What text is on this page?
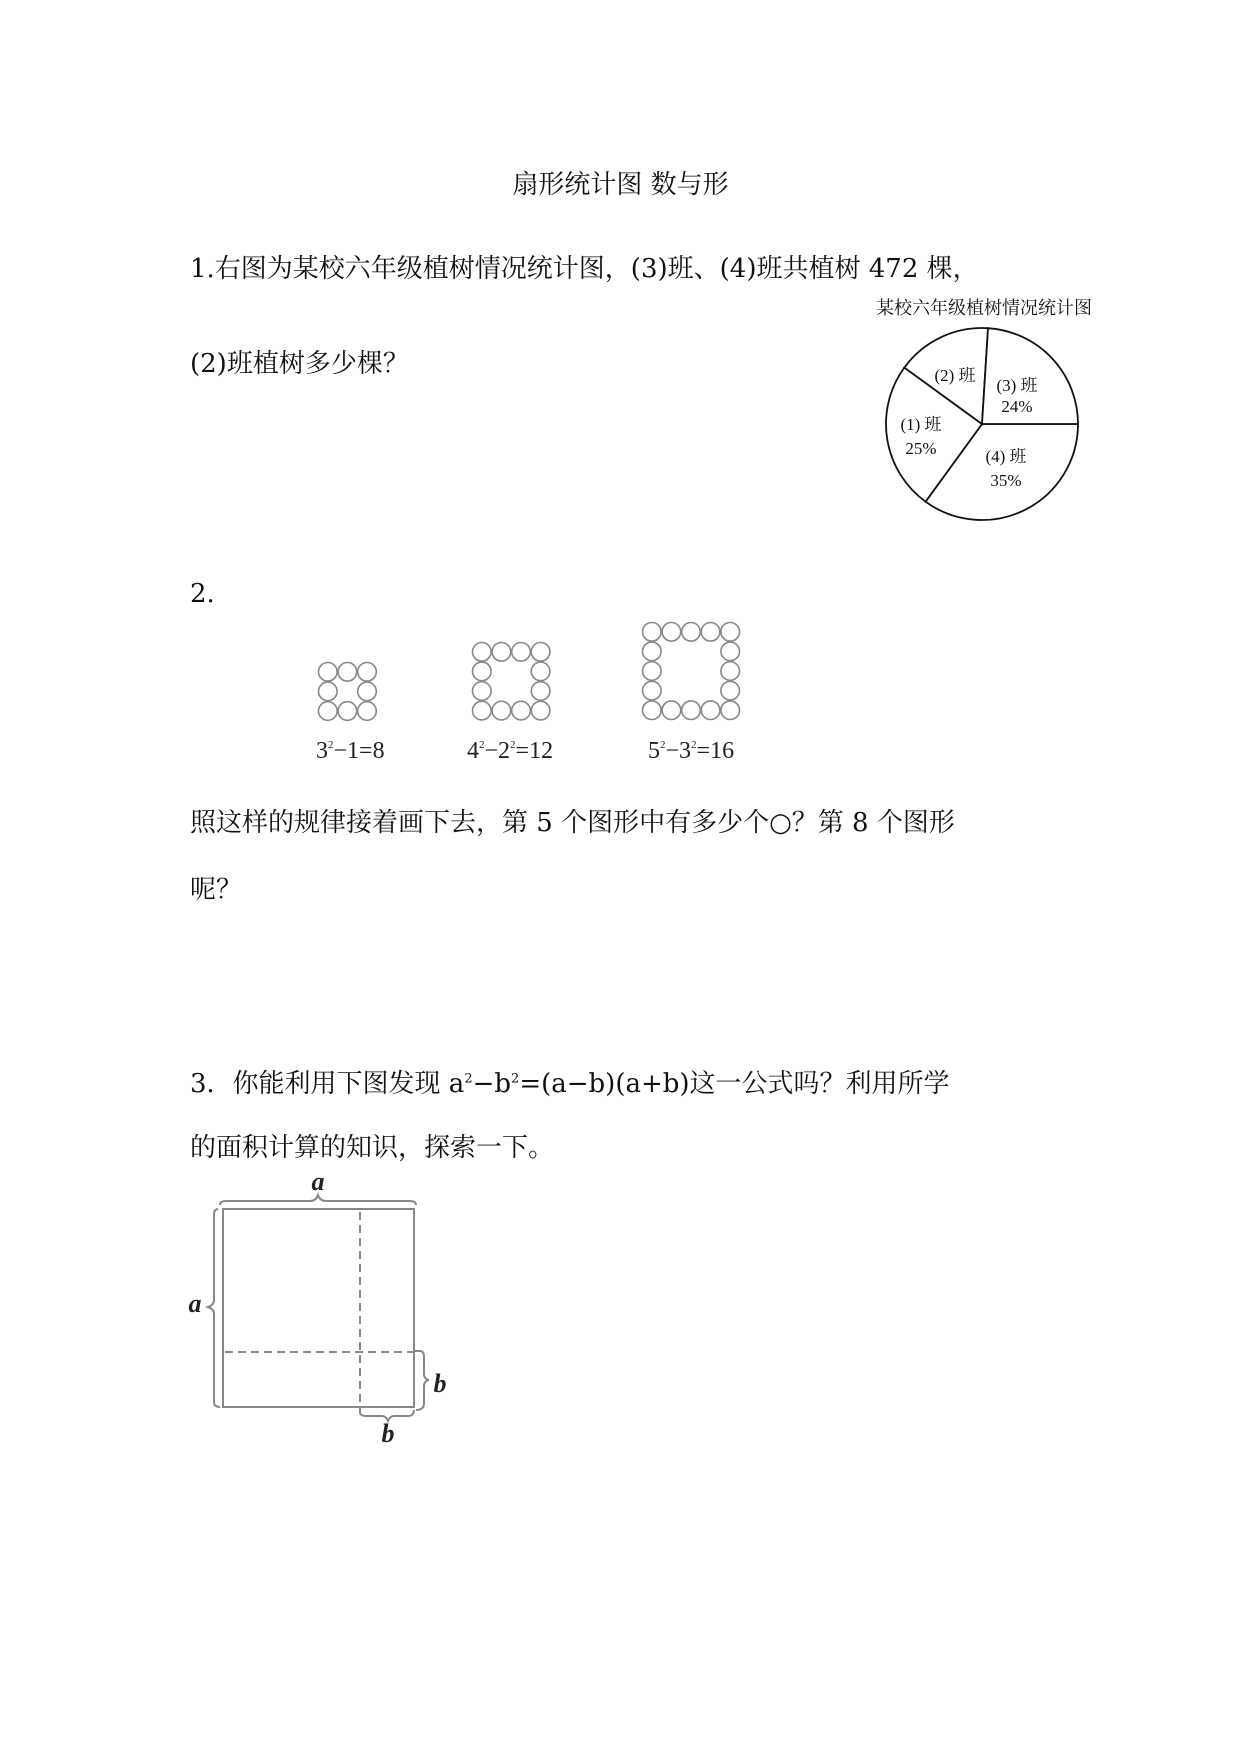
扇形统计图 数与形
1.右图为某校六年级植树情况统计图，(3)班、(4)班共植树 472 棵，
(2)班植树多少棵？
某校六年级植树情况统计图
(2) 班
(3) 班
24%
(1) 班
25%	(4) 班
35%
$3^2-1=8$	$4^2-2^2=12$	$5^2-3^2=16$
a
a
b
b
2.
照这样的规律接着画下去，第 5 个图形中有多少个○？第 8 个图形
呢？
3．你能利用下图发现 $a^2-b^2=(a-b)(a+b)$这一公式吗？利用所学
的面积计算的知识，探索一下。
